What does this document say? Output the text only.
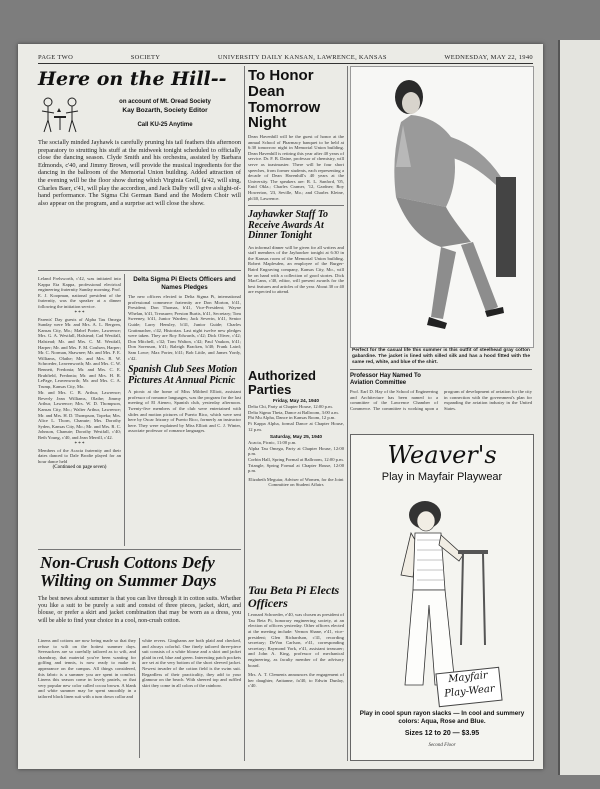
PAGE TWO	SOCIETY	UNIVERSITY DAILY KANSAN, LAWRENCE, KANSAS	WEDNESDAY, MAY 22, 1940
Here on the Hill--
on account of Mt. Oread Society
Kay Bozarth, Society Editor
Call KU-25 Anytime

The socially minded Jayhawk is carefully pruning his tail feathers this afternoon preparatory to strutting his stuff at the midweek tonight scheduled to officially close the dancing season. Clyde Smith and his orchestra, assisted by Barbara Edmonds, c'40, and Jimmy Brown, will provide the musical ingredients for the dancing in the ballroom of the Memorial Union building. Added attraction of the evening will be the floor show during which Virginia Grell, fa'42, will sing, Charles Baer, c'41, will play the accordion, and Jack Dalby will give a slight-of-hand performance. The Sigma Chi German Band and the Modern Choir will also appear on the program, and a surprise act will close the show.

Leland Frelsworth, c'42, was initiated into Kappa Eta Kappa, professional electrical engineering fraternity Sunday morning. Prof. E. J. Koopman, national president of the fraternity, was the speaker at a dinner following the initiation service.

* * *

Parents' Day guests of Alpha Tau Omega Sunday were Mr. and Mrs. A. L. Bergren, Kansas City, Mo.; Mabel Porter, Lawrence; Mrs. G. A. Westfall, Halstead; Cad Westfall, Halstead; Mr. and Mrs. C. M. Westfall, Harper; Mr. and Mrs. F. M. Coulsen, Harper; Mr. C. Norman, Shawnee; Mr. and Mrs. F. E. Williams, Olathe; Mr. and Mrs. B. W. Schroeder, Leavenworth; Mr. and Mrs. C. W. Bennett, Fredonia; Mr. and Mrs. C. E. Brubfield, Fredonia; Mr. and Mrs. H. R. LePage, Leavenworth; Mr. and Mrs. C. A. Trump, Kansas City, Mo.

Mr. and Mrs. C. B. Arthur, Lawrence; Beverly Jean Williams, Olathe; Jimmy Arthur, Lawrence; Mrs. W. D. Thompson, Kansas City, Mo.; Walter Arthur, Lawrence; Mr. and Mrs. H. D. Thompson, Topeka; Mrs. Alice L. Thorn, Chanute; Mrs. Dorothy Syden, Kansas City, Mo.; Mr. and Mrs. R. C. Johnson, Chanute; Dorothy Westfall, c'40; Beth Young, c'40, and Jean Merrill, c'42.

* * *

Members of the Acacia fraternity and their dates danced to Dale Brodie played for an hour dance held

(Continued on page seven)
Delta Sigma Pi Elects Officers and Names Pledges

The new officers elected to Delta Sigma Pi, international professional commerce fraternity are Don Morton, b'41, President; Don Thomas, b'41, Vice-President; Wayne Whelan, b'41, Treasurer; Preston Burtis, b'41, Secretary; Tom Sweeney, b'41, Junior Warden; Jack Severin, b'41, Senior Guide; Larry Hensley, b'41, Junior Guide; Charles Grattmacher, c'42, Historian. Last night twelve new pledges were taken. They are Roy Edwards, c'42; Dick Oliver, c'42; Don Mitchell, c'42; Tom Walton, c'42; Paul Vaukon, b'41; Don Sorenson, b'41; Raleigh Bracken, b'40; Frank Laird; Sam Lowe; Max Porter, b'41; Bob Little, and James Yordy, c'42.

Spanish Club Sees Motion Pictures At Annual Picnic

A picnic at the home of Miss Mildred Elliott, assistant professor of romance languages, was the program for the last meeting of El Ateneo, Spanish club, yesterday afternoon. Twenty-five members of the club were entertained with slides and motion pictures of Puerto Rico, which were sent here by Oscar Irizarry of Puerto Rico, formerly an instructor here. They were explained by Miss Elliott and C. J. Winter, associate professor of romance languages.

Non-Crush Cottons Defy Wilting on Summer Days

The best news about summer is that you can live through it in cotton suits. Whether you like a suit to be purely a suit and consist of three pieces, jacket, skirt, and blouse, or prefer a skirt and jacket combination that may be worn as a dress, you will be able to find your choice in a cool, non-crush cotton.

Linens and cottons are now being made so that they refuse to wilt on the hottest summer days. Seersuckers are so carefully tailored as to wilt, and chambray, that material you've been wanting for golfing and tennis, is now ready to make its appearance on the campus. All things considered, this fabric is a summer you are spent in comfort. Linens this season come in lovely pastels, or that very popular new color called cocoa brown. A blank and white summer may be spent smoothly in a tailored black linen suit with a turn down collar and

white revers. Ginghams are both plaid and checked, and always colorful. One finely tailored three-piece suit consists of a white blouse and a skirt and jacket plaid in red, blue and green. Interesting patch pockets are set at the very bottom of the short sleeved jacket. Newest invader of the cotton field is the swim suit. Regardless of their practicality, they add to your glamour on the beach. With sheered top and ruffled skirt they come in all colors of the rainbow.

To Honor Dean Tomorrow Night

Dean Havenhill will be the guest of honor at the annual School of Pharmacy banquet to be held at 6:30 tomorrow night in Memorial Union building. Dean Havenhill is retiring this year after 40 years of service. Dr. F. B. Daine, professor of chemistry, will serve as toastmaster. There will be four short speeches, from former students, each representing a decade of Dean Havenhill's 40 years at the University. The speakers are: R. L. Sanford, '05, Enid Okla.; Charles Cramer, '12, Gardner; Roy Howerton, '23, Seville, Mo.; and Charles Kleine, ph'40, Lawrence.

Jayhawker Staff To Receive Awards At Dinner Tonight

An informal dinner will be given for all writers and staff members of the Jayhawker tonight at 6:30 in the Kansas room of the Memorial Union building. Robert Maplesden, an employee of the Burger-Baird Engraving company, Kansas City, Mo., will be on hand with a collection of good stories. Dick MacCann, c'40, editor, will present awards for the best features and articles of the year. About 30 or 40 are expected to attend.

Authorized Parties
Friday, May 24, 1940

Delta Chi, Party at Chapter House, 12:00 p.m.

Delta Sigma Theta, Dance at Ballroom, 3:00 a.m.

Phi Mu Alpha, Dance in Kansas Room, 12 p.m.

Pi Kappa Alpha, formal Dance at Chapter House, 12 p.m.

Saturday, May 25, 1940

Acacia, Picnic, 11:00 p.m.

Alpha Tau Omega, Party at Chapter House, 12:00 p.m.

Corbin Hall, Spring Formal at Ballroom, 12:00 p.m.

Triangle, Spring Formal at Chapter House, 12:00 p.m.

Elizabeth Meguiar, Adviser of Women, for the Joint Committee on Student Affairs

Tau Beta Pi Elects Officers

Leonard Schroeder, e'40, was chosen as president of Tau Beta Pi, honorary engineering society, at an election of officers yesterday. Other officers elected at the meeting include: Vernon Shane, e'41, vice-president; Glen Richardson, c'41, recording secretary; DeVon Carlson, e'41, corresponding secretary; Raymond York, e'41, assistant treasurer; and John A. King, professor of mechanical engineering, as faculty member of the advisory board.

Mrs. A. T. Clements announces the engagement of her daughter, Anitanne, fa'40, to Edwin Dunlay, c'40.

Perfect for the casual life this summer is this outfit of steelhead gray cotton gabardine. The jacket is lined with silled silk and has a hood fitted with the same red, white, and blue of the shirt.

Professor Hay Named To Aviation Committee

Prof. Earl D. Hay of the School of Engineering and Architecture has been named to a committee of the Lawrence Chamber of Commerce. The committee is working upon a program of development of aviation for the city in connection with the government's plan for expanding the aviation industry in the United States.

Weaver's
Play in Mayfair Playwear
Mayfair Play-Wear
Play in cool spun rayon slacks — In cool and summery colors: Aqua, Rose and Blue.
Sizes 12 to 20 — $3.95
Second Floor
